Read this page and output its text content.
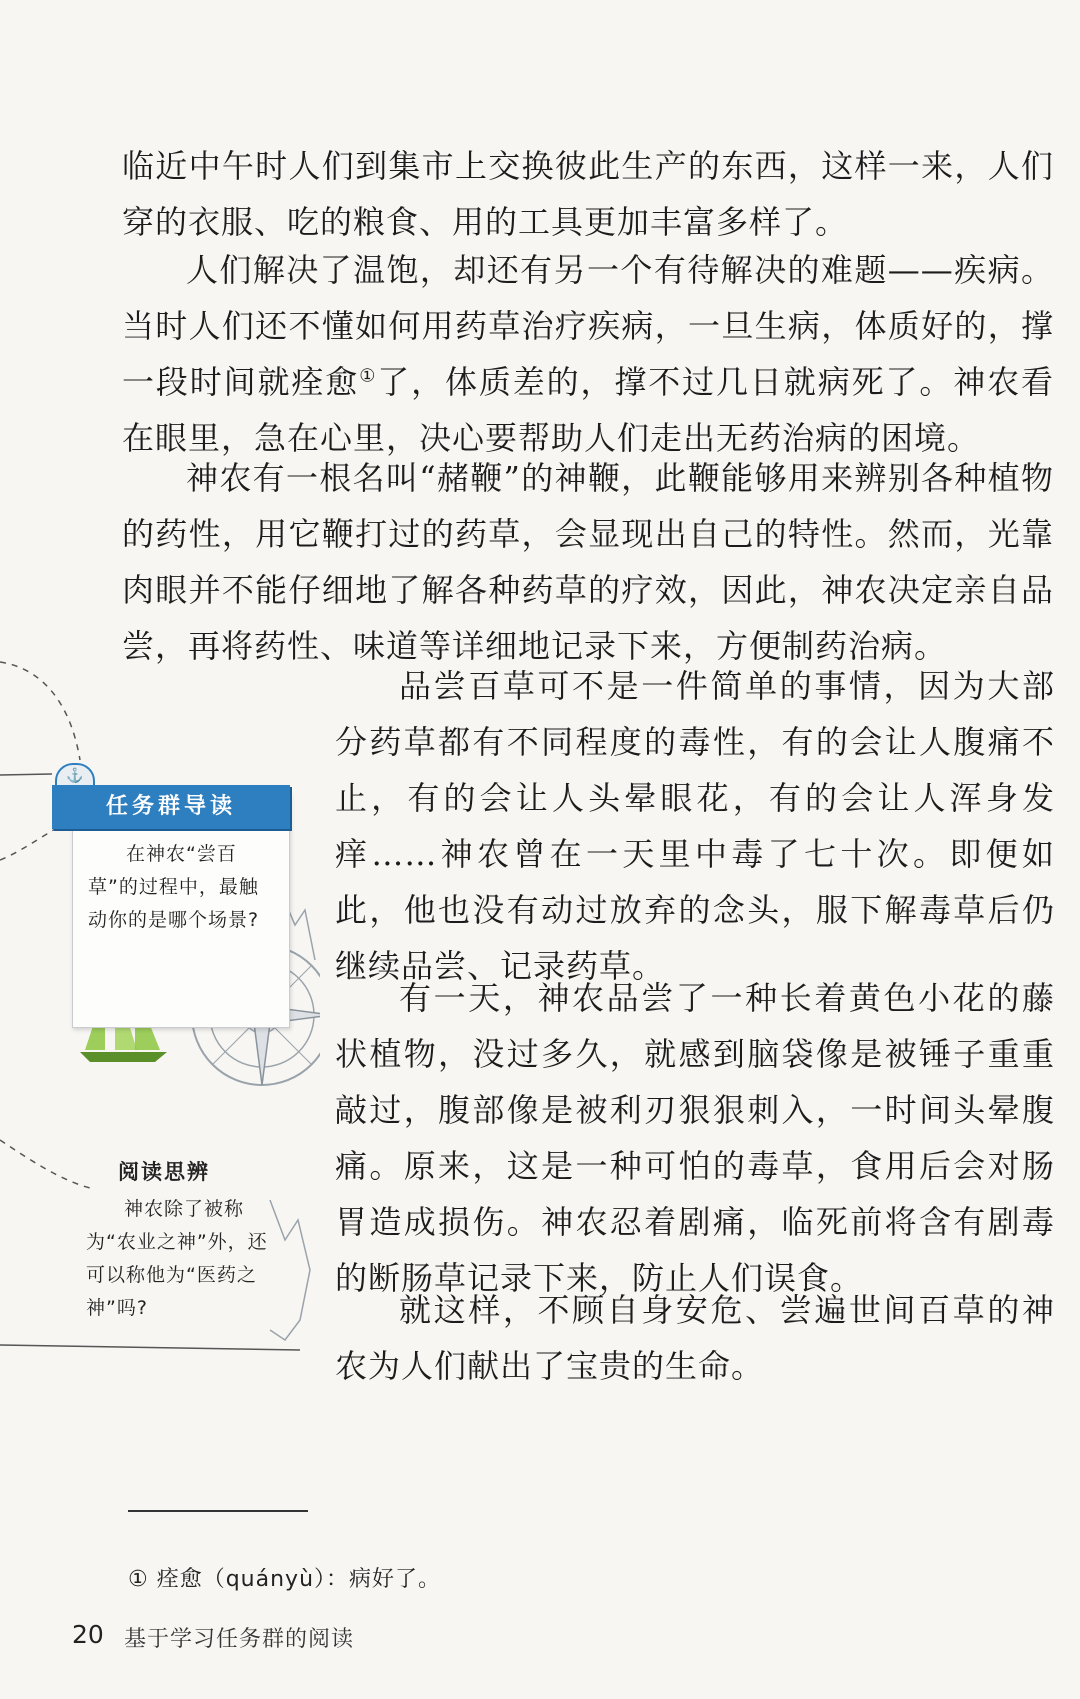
临近中午时人们到集市上交换彼此生产的东西，这样一来，人们穿的衣服、吃的粮食、用的工具更加丰富多样了。

人们解决了温饱，却还有另一个有待解决的难题——疾病。当时人们还不懂如何用药草治疗疾病，一旦生病，体质好的，撑一段时间就痊愈①了，体质差的，撑不过几日就病死了。神农看在眼里，急在心里，决心要帮助人们走出无药治病的困境。

神农有一根名叫“赭鞭”的神鞭，此鞭能够用来辨别各种植物的药性，用它鞭打过的药草，会显现出自己的特性。然而，光靠肉眼并不能仔细地了解各种药草的疗效，因此，神农决定亲自品尝，再将药性、味道等详细地记录下来，方便制药治病。

品尝百草可不是一件简单的事情，因为大部分药草都有不同程度的毒性，有的会让人腹痛不止，有的会让人头晕眼花，有的会让人浑身发痒……神农曾在一天里中毒了七十次。即便如此，他也没有动过放弃的念头，服下解毒草后仍继续品尝、记录药草。

有一天，神农品尝了一种长着黄色小花的藤状植物，没过多久，就感到脑袋像是被锤子重重敲过，腹部像是被利刃狠狠刺入，一时间头晕腹痛。原来，这是一种可怕的毒草，食用后会对肠胃造成损伤。神农忍着剧痛，临死前将含有剧毒的断肠草记录下来，防止人们误食。

就这样，不顾自身安危、尝遍世间百草的神农为人们献出了宝贵的生命。

⚓
任务群导读

在神农“尝百草”的过程中，最触动你的是哪个场景?

阅读思辨

神农除了被称为“农业之神”外，还可以称他为“医药之神”吗?

① 痊愈（quányù）：病好了。
20 基于学习任务群的阅读
